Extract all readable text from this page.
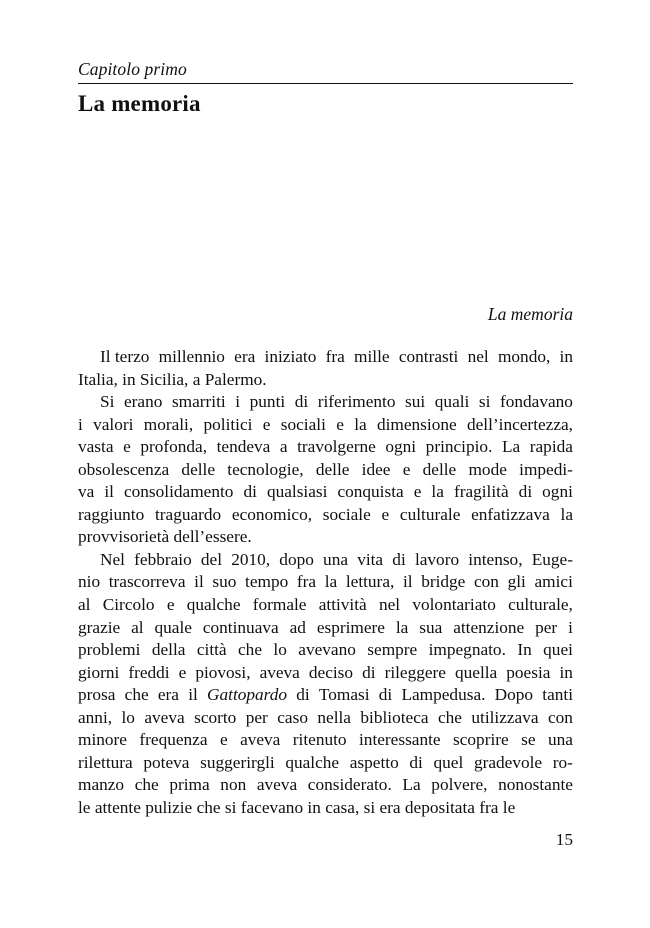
Capitolo primo
La memoria
La memoria

Il terzo millennio era iniziato fra mille contrasti nel mondo, in
Italia, in Sicilia, a Palermo.

Si erano smarriti i punti di riferimento sui quali si fondavano
i valori morali, politici e sociali e la dimensione dell’incertezza,
vasta e profonda, tendeva a travolgerne ogni principio. La rapida
obsolescenza delle tecnologie, delle idee e delle mode impedi-
va il consolidamento di qualsiasi conquista e la fragilità di ogni
raggiunto traguardo economico, sociale e culturale enfatizzava la
provvisorietà dell’essere.

Nel febbraio del 2010, dopo una vita di lavoro intenso, Euge-
nio trascorreva il suo tempo fra la lettura, il bridge con gli amici
al Circolo e qualche formale attività nel volontariato culturale,
grazie al quale continuava ad esprimere la sua attenzione per i
problemi della città che lo avevano sempre impegnato. In quei
giorni freddi e piovosi, aveva deciso di rileggere quella poesia in
prosa che era il Gattopardo di Tomasi di Lampedusa. Dopo tanti
anni, lo aveva scorto per caso nella biblioteca che utilizzava con
minore frequenza e aveva ritenuto interessante scoprire se una
rilettura poteva suggerirgli qualche aspetto di quel gradevole ro-
manzo che prima non aveva considerato. La polvere, nonostante
le attente pulizie che si facevano in casa, si era depositata fra le

15
